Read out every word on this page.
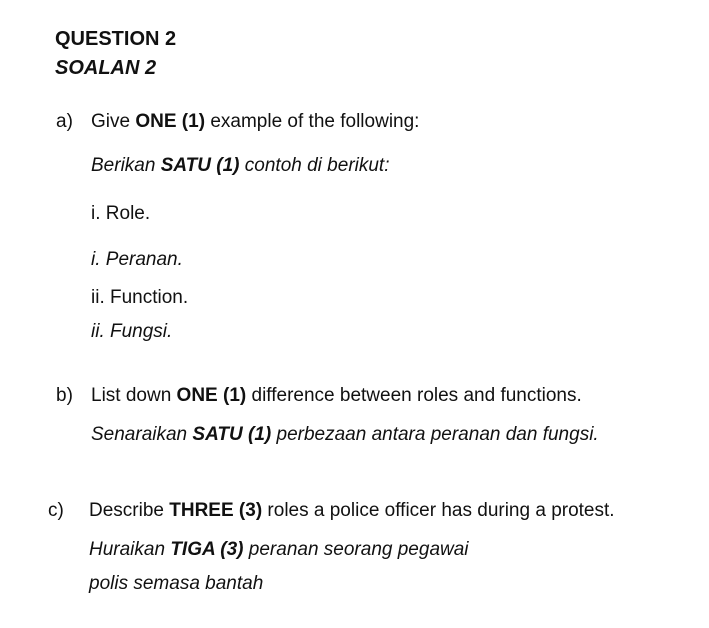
QUESTION 2
SOALAN 2
a) Give ONE (1) example of the following:
Berikan SATU (1) contoh di berikut:
i. Role.
i. Peranan.
ii. Function.
ii. Fungsi.
b) List down ONE (1) difference between roles and functions.
Senaraikan SATU (1) perbezaan antara peranan dan fungsi.
c) Describe THREE (3) roles a police officer has during a protest.
Huraikan TIGA (3) peranan seorang pegawai
polis semasa bantah
